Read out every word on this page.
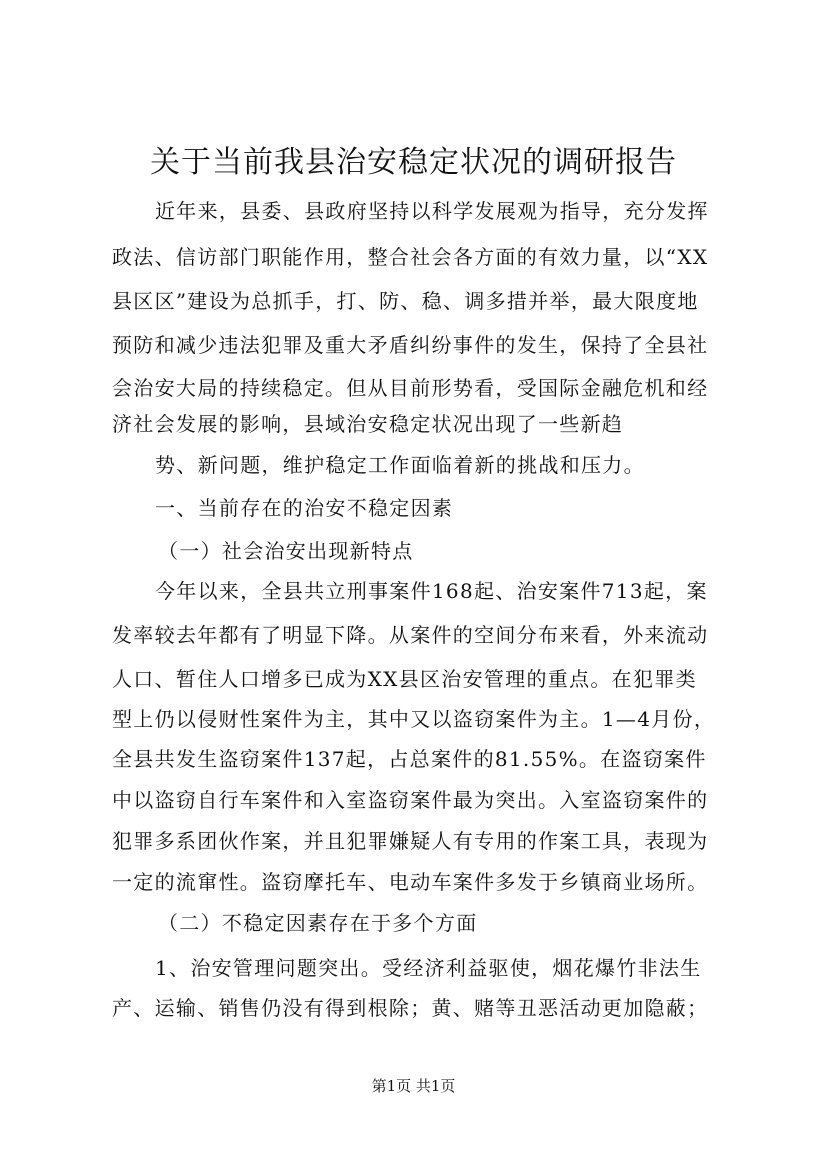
关于当前我县治安稳定状况的调研报告
近年来，县委、县政府坚持以科学发展观为指导，充分发挥
政法、信访部门职能作用，整合社会各方面的有效力量，以“XX
县区区”建设为总抓手，打、防、稳、调多措并举，最大限度地
预防和减少违法犯罪及重大矛盾纠纷事件的发生，保持了全县社
会治安大局的持续稳定。但从目前形势看，受国际金融危机和经
济社会发展的影响，县域治安稳定状况出现了一些新趋
势、新问题，维护稳定工作面临着新的挑战和压力。
一、当前存在的治安不稳定因素
（一）社会治安出现新特点
今年以来，全县共立刑事案件168起、治安案件713起，案
发率较去年都有了明显下降。从案件的空间分布来看，外来流动
人口、暂住人口增多已成为XX县区治安管理的重点。在犯罪类
型上仍以侵财性案件为主，其中又以盗窃案件为主。1—4月份，
全县共发生盗窃案件137起，占总案件的81.55%。在盗窃案件
中以盗窃自行车案件和入室盗窃案件最为突出。入室盗窃案件的
犯罪多系团伙作案，并且犯罪嫌疑人有专用的作案工具，表现为
一定的流窜性。盗窃摩托车、电动车案件多发于乡镇商业场所。
（二）不稳定因素存在于多个方面
1、治安管理问题突出。受经济利益驱使，烟花爆竹非法生
产、运输、销售仍没有得到根除；黄、赌等丑恶活动更加隐蔽；
第1页 共1页
